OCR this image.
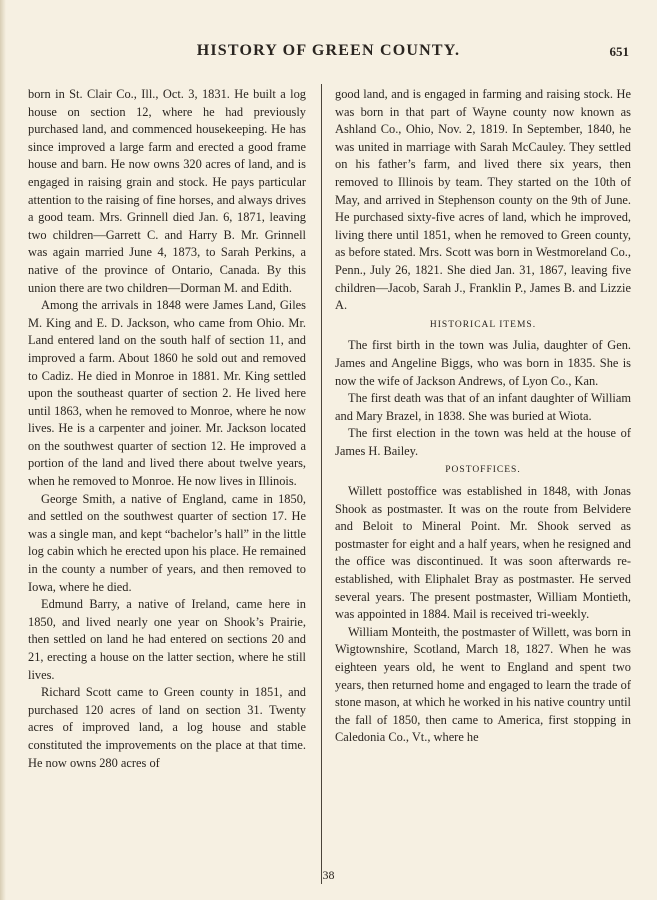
HISTORY OF GREEN COUNTY.	651

born in St. Clair Co., Ill., Oct. 3, 1831. He built a log house on section 12, where he had previously purchased land, and commenced housekeeping. He has since improved a large farm and erected a good frame house and barn. He now owns 320 acres of land, and is engaged in raising grain and stock. He pays particular attention to the raising of fine horses, and always drives a good team. Mrs. Grinnell died Jan. 6, 1871, leaving two children—Garrett C. and Harry B. Mr. Grinnell was again married June 4, 1873, to Sarah Perkins, a native of the province of Ontario, Canada. By this union there are two children—Dorman M. and Edith.

Among the arrivals in 1848 were James Land, Giles M. King and E. D. Jackson, who came from Ohio. Mr. Land entered land on the south half of section 11, and improved a farm. About 1860 he sold out and removed to Cadiz. He died in Monroe in 1881. Mr. King settled upon the southeast quarter of section 2. He lived here until 1863, when he removed to Monroe, where he now lives. He is a carpenter and joiner. Mr. Jackson located on the southwest quarter of section 12. He improved a portion of the land and lived there about twelve years, when he removed to Monroe. He now lives in Illinois.

George Smith, a native of England, came in 1850, and settled on the southwest quarter of section 17. He was a single man, and kept “bachelor’s hall” in the little log cabin which he erected upon his place. He remained in the county a number of years, and then removed to Iowa, where he died.

Edmund Barry, a native of Ireland, came here in 1850, and lived nearly one year on Shook’s Prairie, then settled on land he had entered on sections 20 and 21, erecting a house on the latter section, where he still lives.

Richard Scott came to Green county in 1851, and purchased 120 acres of land on section 31. Twenty acres of improved land, a log house and stable constituted the improvements on the place at that time. He now owns 280 acres of

good land, and is engaged in farming and raising stock. He was born in that part of Wayne county now known as Ashland Co., Ohio, Nov. 2, 1819. In September, 1840, he was united in marriage with Sarah McCauley. They settled on his father’s farm, and lived there six years, then removed to Illinois by team. They started on the 10th of May, and arrived in Stephenson county on the 9th of June. He purchased sixty-five acres of land, which he improved, living there until 1851, when he removed to Green county, as before stated. Mrs. Scott was born in Westmoreland Co., Penn., July 26, 1821. She died Jan. 31, 1867, leaving five children—Jacob, Sarah J., Franklin P., James B. and Lizzie A.

HISTORICAL ITEMS.

The first birth in the town was Julia, daughter of Gen. James and Angeline Biggs, who was born in 1835. She is now the wife of Jackson Andrews, of Lyon Co., Kan.

The first death was that of an infant daughter of William and Mary Brazel, in 1838. She was buried at Wiota.

The first election in the town was held at the house of James H. Bailey.

POSTOFFICES.

Willett postoffice was established in 1848, with Jonas Shook as postmaster. It was on the route from Belvidere and Beloit to Mineral Point. Mr. Shook served as postmaster for eight and a half years, when he resigned and the office was discontinued. It was soon afterwards re-established, with Eliphalet Bray as postmaster. He served several years. The present postmaster, William Montieth, was appointed in 1884. Mail is received tri-weekly.

William Monteith, the postmaster of Willett, was born in Wigtownshire, Scotland, March 18, 1827. When he was eighteen years old, he went to England and spent two years, then returned home and engaged to learn the trade of stone mason, at which he worked in his native country until the fall of 1850, then came to America, first stopping in Caledonia Co., Vt., where he

38
